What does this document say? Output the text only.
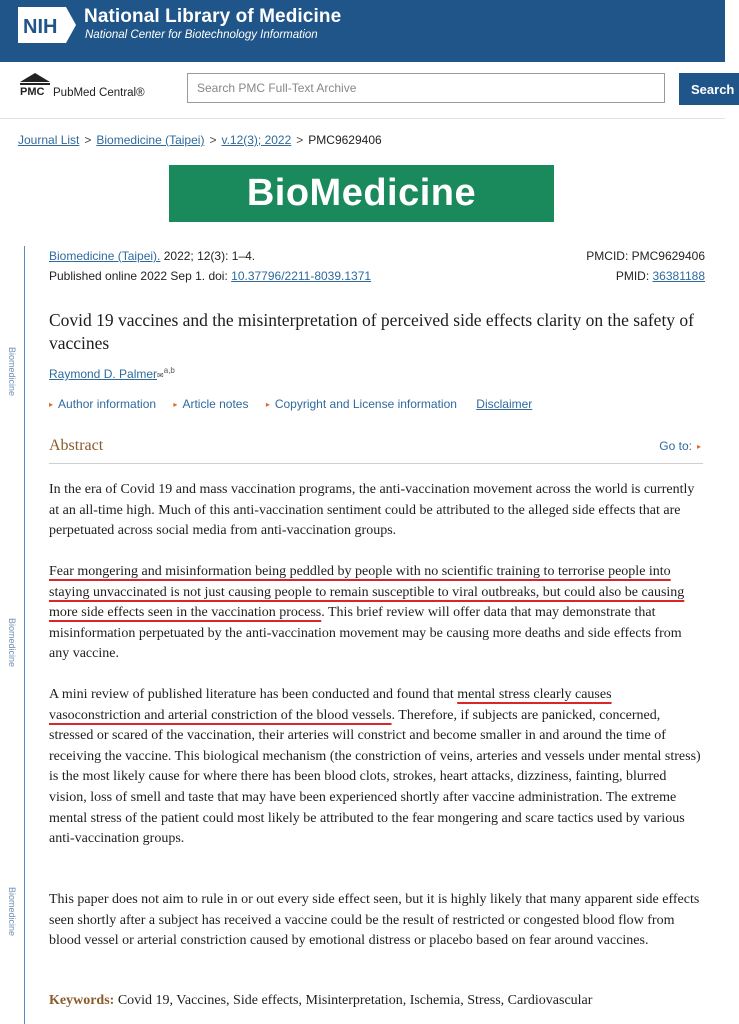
NIH National Library of Medicine
National Center for Biotechnology Information
PMC PubMed Central®
Search PMC Full-Text Archive	Search
Journal List > Biomedicine (Taipei) > v.12(3); 2022 > PMC9629406
BioMedicine
Biomedicine
Biomedicine
Biomedicine
Biomedicine (Taipei). 2022; 12(3): 1–4.
Published online 2022 Sep 1. doi: 10.37796/2211-8039.1371
PMCID: PMC9629406
PMID: 36381188
Covid 19 vaccines and the misinterpretation of perceived side effects clarity on the safety of vaccines
Raymond D. Palmer✉$^{a,b}$
▸ Author information ▸ Article notes ▸ Copyright and License information Disclaimer
Abstract	Go to: ▸

In the era of Covid 19 and mass vaccination programs, the anti-vaccination movement across the world is currently at an all-time high. Much of this anti-vaccination sentiment could be attributed to the alleged side effects that are perpetuated across social media from anti-vaccination groups.

Fear mongering and misinformation being peddled by people with no scientific training to terrorise people into staying unvaccinated is not just causing people to remain susceptible to viral outbreaks, but could also be causing more side effects seen in the vaccination process. This brief review will offer data that may demonstrate that misinformation perpetuated by the anti-vaccination movement may be causing more deaths and side effects from any vaccine.

A mini review of published literature has been conducted and found that mental stress clearly causes vasoconstriction and arterial constriction of the blood vessels. Therefore, if subjects are panicked, concerned, stressed or scared of the vaccination, their arteries will constrict and become smaller in and around the time of receiving the vaccine. This biological mechanism (the constriction of veins, arteries and vessels under mental stress) is the most likely cause for where there has been blood clots, strokes, heart attacks, dizziness, fainting, blurred vision, loss of smell and taste that may have been experienced shortly after vaccine administration. The extreme mental stress of the patient could most likely be attributed to the fear mongering and scare tactics used by various anti-vaccination groups.

This paper does not aim to rule in or out every side effect seen, but it is highly likely that many apparent side effects seen shortly after a subject has received a vaccine could be the result of restricted or congested blood flow from blood vessel or arterial constriction caused by emotional distress or placebo based on fear around vaccines.

Keywords: Covid 19, Vaccines, Side effects, Misinterpretation, Ischemia, Stress, Cardiovascular
